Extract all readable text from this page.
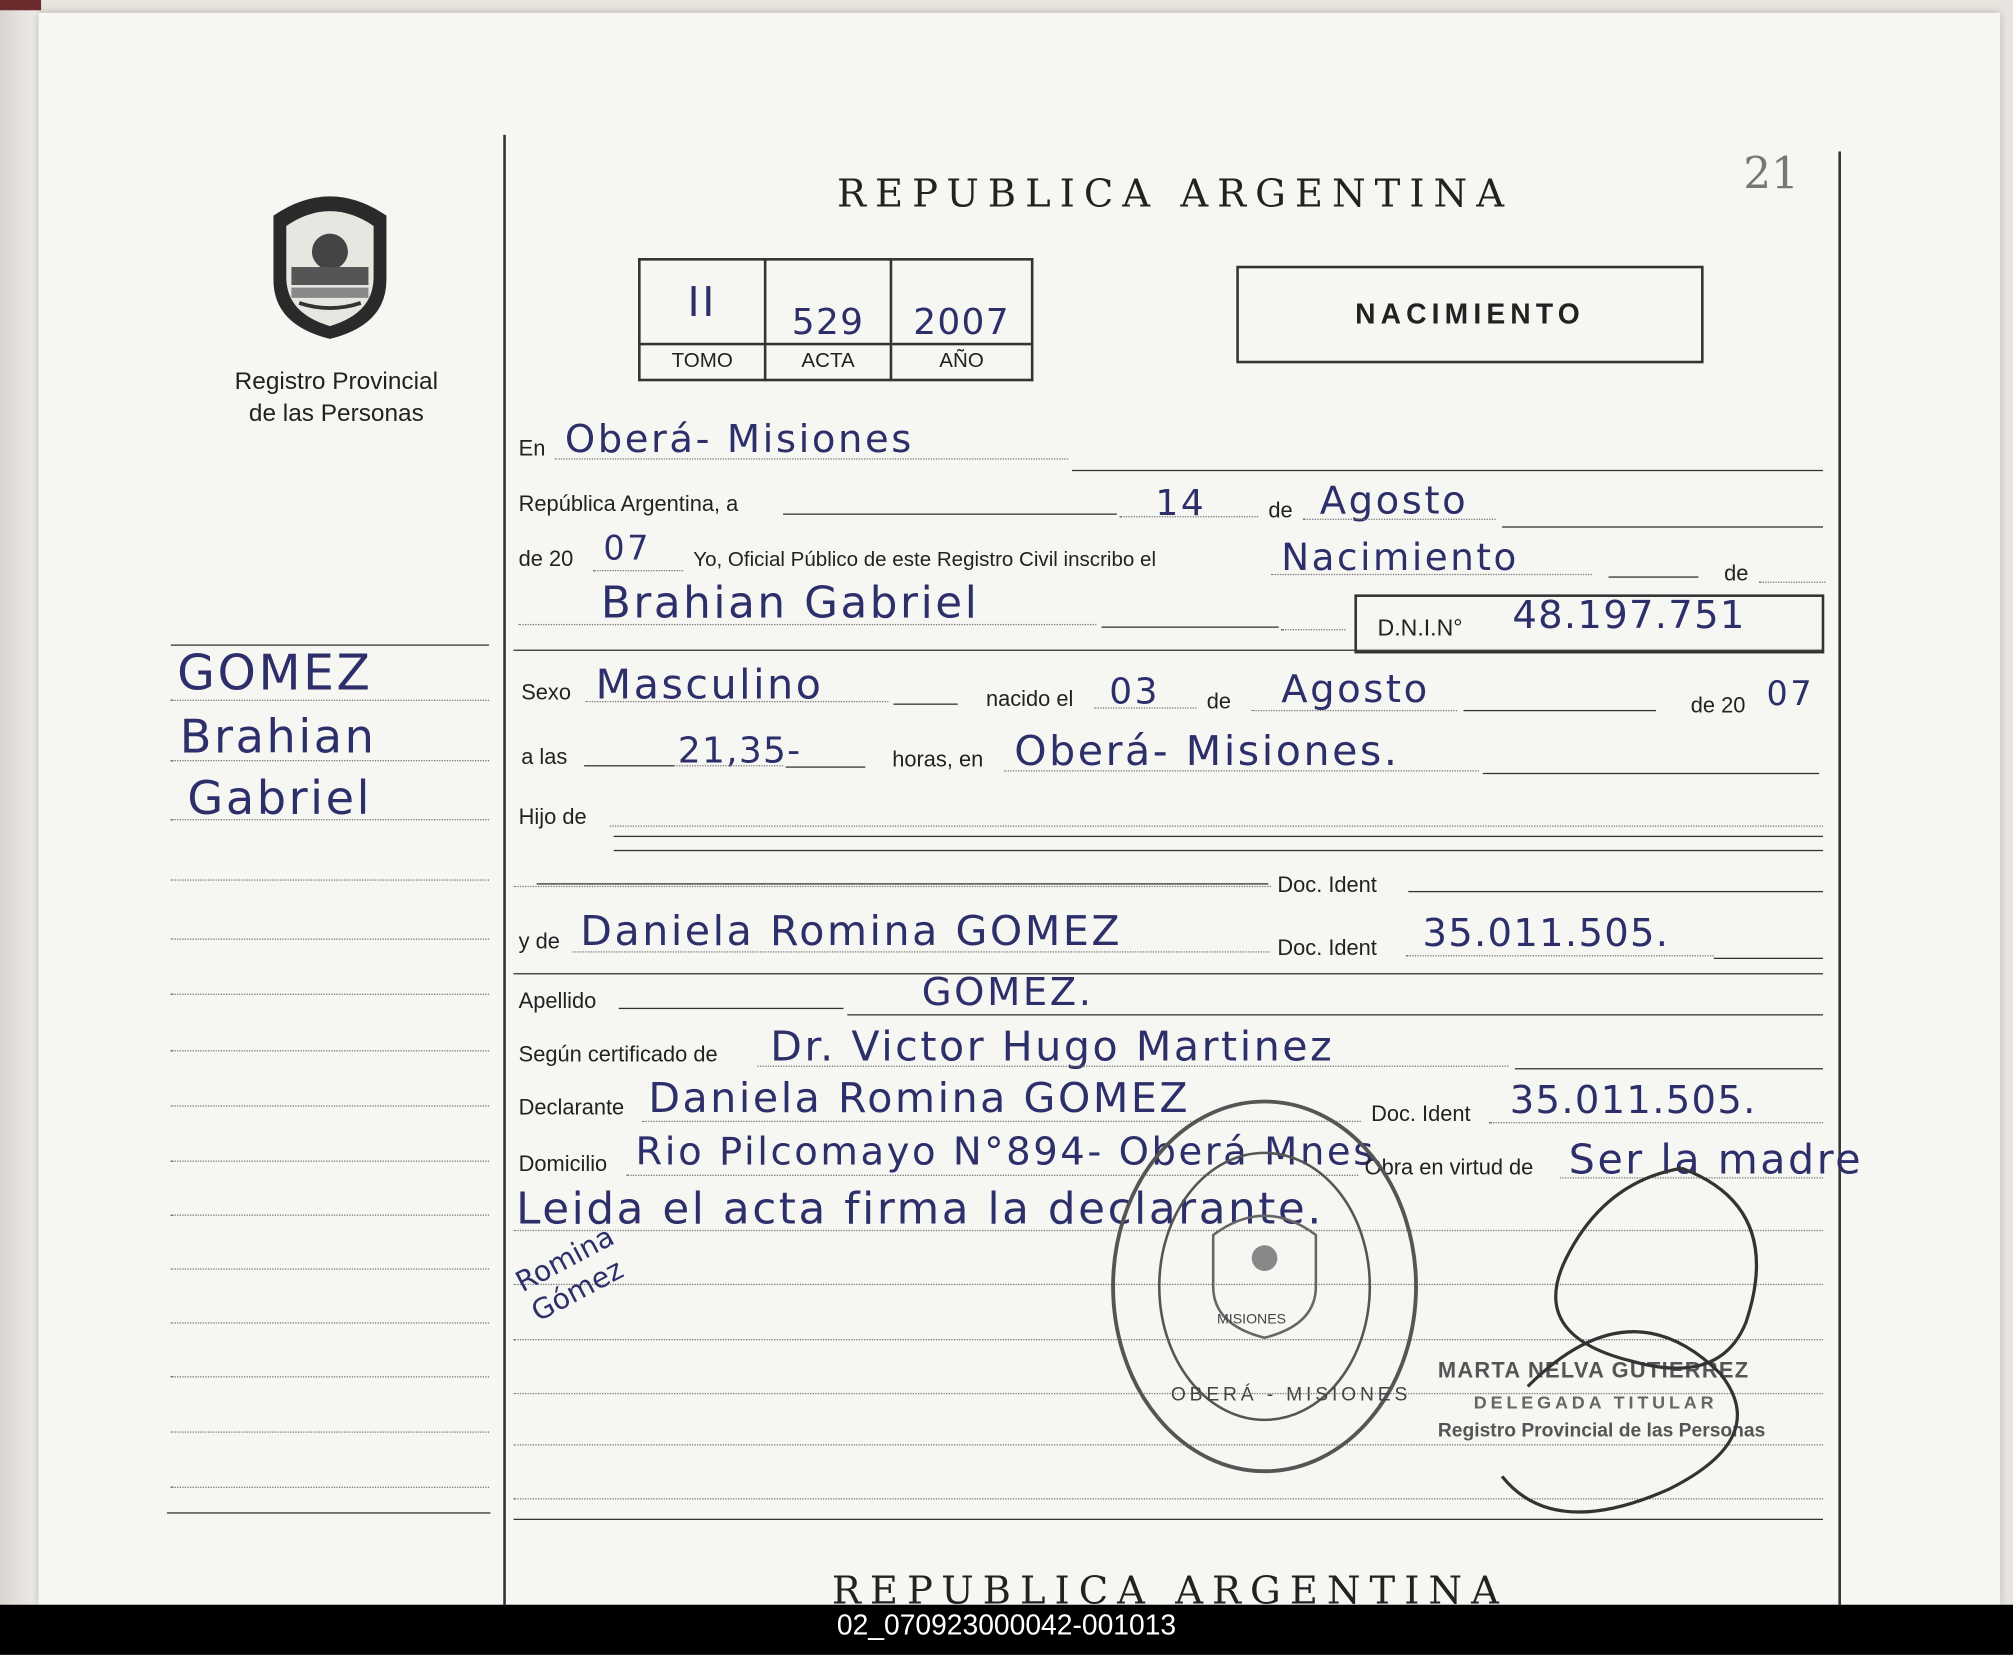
Registro Provincial
de las Personas
REPUBLICA ARGENTINA	21
II	529	2007
TOMO	ACTA	AÑO
NACIMIENTO
En Oberá- Misiones
República Argentina, a	14	de Agosto
de 20 07	Yo, Oficial Público de este Registro Civil inscribo el	Nacimiento	de
Brahian Gabriel	D.N.I.N° 48.197.751
GOMEZ
Brahian
Gabriel
Sexo Masculino	nacido el 03	de Agosto	de 20 07
a las	21,35-	horas, en Oberá- Misiones.
Hijo de
Doc. Ident
y de Daniela Romina GOMEZ	Doc. Ident 35.011.505.
Apellido	GOMEZ.
Según certificado de Dr. Victor Hugo Martinez
Declarante Daniela Romina GOMEZ	Doc. Ident 35.011.505.
Domicilio Rio Pilcomayo N°894- Oberá Mnes
Obra en virtud de Ser la madre
Leida el acta firma la declarante.
Romina Gómez
OBERÁ - MISIONES
MISIONES
MARTA NELVA GUTIERREZ
DELEGADA TITULAR
Registro Provincial de las Personas
REPUBLICA ARGENTINA
02_070923000042-001013
